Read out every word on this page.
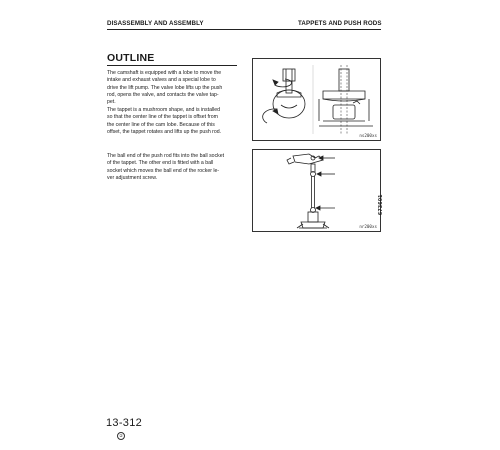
DISASSEMBLY AND ASSEMBLY	TAPPETS AND PUSH RODS
OUTLINE

The camshaft is equipped with a lobe to move the
intake and exhaust valves and a special lobe to
drive the lift pump. The valve lobe lifts up the push
rod, opens the valve, and contacts the valve tap-
pet.

The tappet is a mushroom shape, and is installed
so that the center line of the tappet is offset from
the center line of the cam lobe. Because of this
offset, the tappet rotates and lifts up the push rod.

The ball end of the push rod fits into the ball socket
of the tappet. The other end is fitted with a ball
socket which moves the ball end of the rocker le-
ver adjustment screw.

ns200xs
nr200xs
673601
13-312
②
